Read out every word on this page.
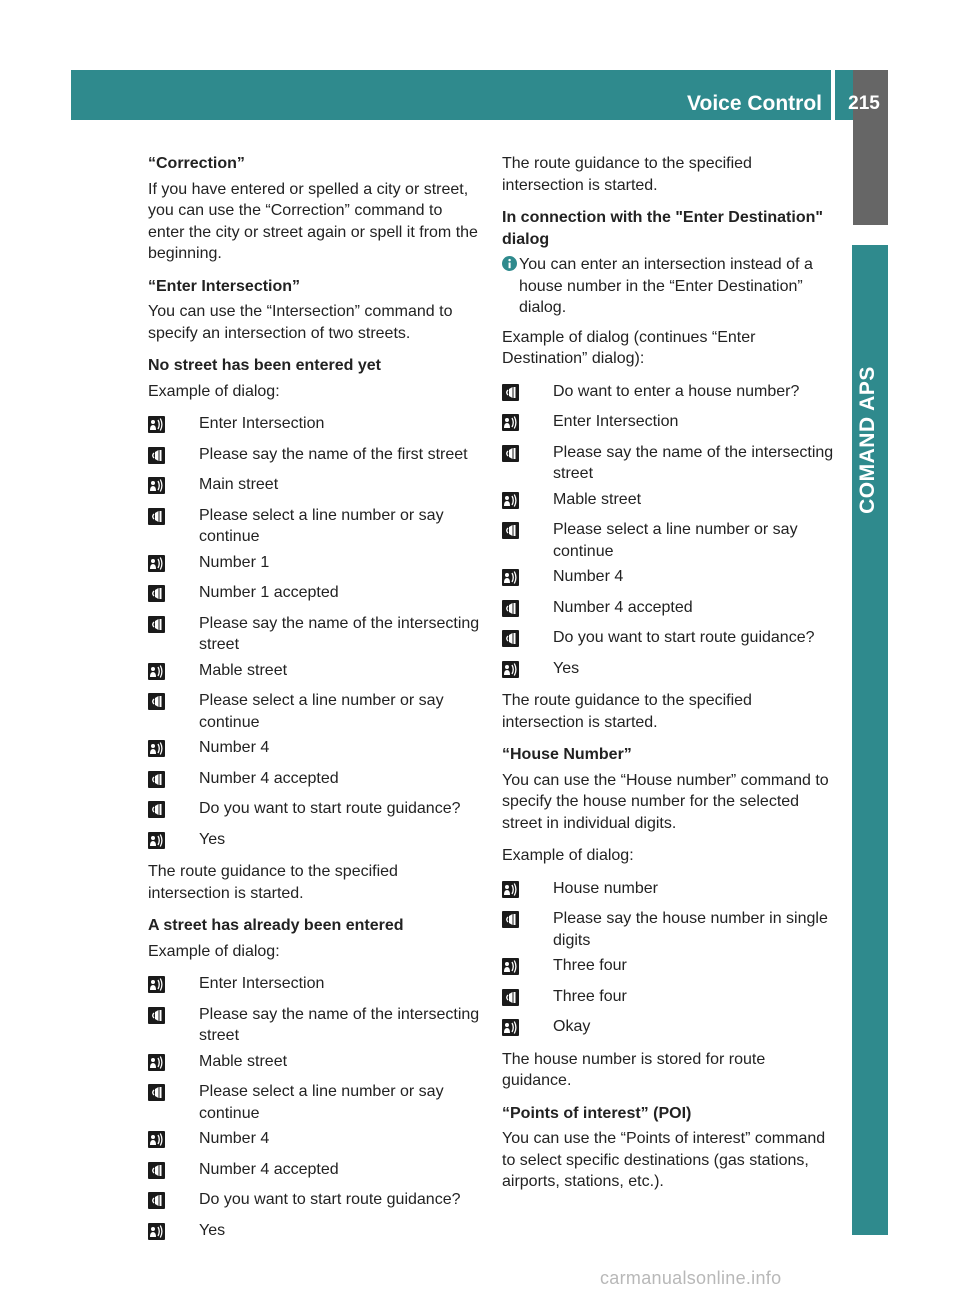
Voice Control	215
COMAND APS

“Correction”

If you have entered or spelled a city or street, you can use the “Correction” command to enter the city or street again or spell it from the beginning.

“Enter Intersection”

You can use the “Intersection” command to specify an intersection of two streets.

No street has been entered yet

Example of dialog:

Enter Intersection
Please say the name of the first street
Main street
Please select a line number or say continue
Number 1
Number 1 accepted
Please say the name of the intersecting street
Mable street
Please select a line number or say continue
Number 4
Number 4 accepted
Do you want to start route guidance?
Yes

The route guidance to the specified intersection is started.

A street has already been entered

Example of dialog:

Enter Intersection
Please say the name of the intersecting street
Mable street
Please select a line number or say continue
Number 4
Number 4 accepted
Do you want to start route guidance?
Yes

The route guidance to the specified intersection is started.

In connection with the "Enter Destination" dialog

You can enter an intersection instead of a house number in the “Enter Destination” dialog.

Example of dialog (continues “Enter Destination” dialog):

Do want to enter a house number?
Enter Intersection
Please say the name of the intersecting street
Mable street
Please select a line number or say continue
Number 4
Number 4 accepted
Do you want to start route guidance?
Yes

The route guidance to the specified intersection is started.

“House Number”

You can use the “House number” command to specify the house number for the selected street in individual digits.

Example of dialog:

House number
Please say the house number in single digits
Three four
Three four
Okay

The house number is stored for route guidance.

“Points of interest” (POI)

You can use the “Points of interest” command to select specific destinations (gas stations, airports, stations, etc.).

carmanualsonline.info
